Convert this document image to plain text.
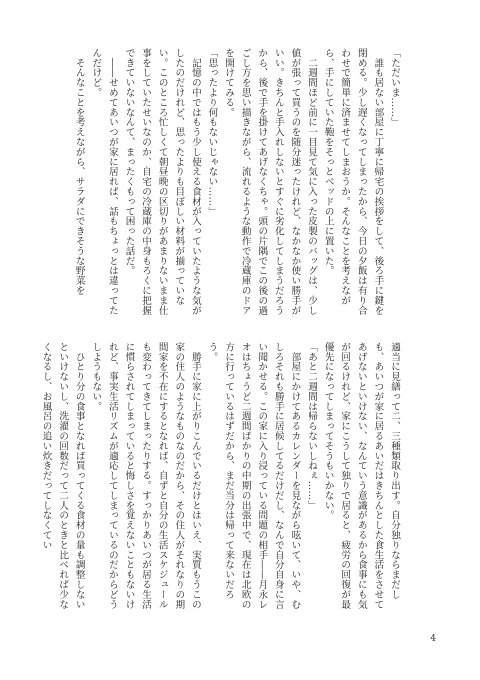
「ただいま……」

　誰も居ない部屋に丁寧に帰宅の挨拶をして、後ろ手に鍵を閉める。少し遅くなってしまったから、今日の夕飯は有り合わせで簡単に済ませてしまおうか。そんなことを考えながら、手にしていた鞄をそっとベッドの上に置いた。

　二週間ほど前に一目見て気に入った皮製のバッグは、少し値が張って買うのを随分迷ったけれど、なかなか使い勝手がいい。きちんと手入れしないとすぐに劣化してしまうだろうから、後で手を掛けてあげなくちゃ。頭の片隅でこの後の過ごし方を思い描きながら、流れるような動作で冷蔵庫のドアを開けてみる。

「思ったより何もないじゃない……」

　記憶の中ではもう少し使える食材が入っていたような気がしたのだけれど、思ったよりも目ぼしい材料が揃っていない。このところ忙しくて朝昼晩の区切りがあまりないまま仕事をしていたせいなのか、自宅の冷蔵庫の中身もろくに把握できていないなんて、まったくもって困った話だ。

　――せめてあいつが家に居れば、話もちょっとは違ってたんだけど。

　そんなことを考えながら、サラダにできそうな野菜を

適当に見繕って二、三種類取り出す。自分独りならまだしも、あいつが家に居るあいだはきちんとした食生活をさせてあげないといけない、なんていう意識があるから食事にも気が回るけれど、家にこうして独りで居ると、疲労の回復が最優先になってしまってそうもいかない。

「あと二週間は帰らないしねぇ……」

　部屋にかけてあるカレンダーを見ながら呟いて、いや、むしろそれも勝手に居候してるだけだし、なんで自分自身に言い聞かせる。この家に入り浸っている問題の相手――月永レオはちょうど二週間ばかりの中期の出張中で、現在は北欧の方に行っているはずだから、まだ当分は帰って来ないだろう。

　勝手に家に上がりこんでいるだけとはいえ、実質もうこの家の住人のようなものなのだから、その住人がそれなりの期間家を不在にするとなれば、自ずと自分の生活スケジュールも変わってきてしまったりする。すっかりあいつが居る生活に慣らされてしまっていると悔しさを覚えないこともないけれど、事実生活リズムが適応してしまっているのだからどうしようもない。

　ひとり分の食事となれば買ってくる食材の量も調整しないといけないし、洗濯の回数だって二人のときと比べれば少なくなるし、お風呂の追い炊きだってしなくてい

4
